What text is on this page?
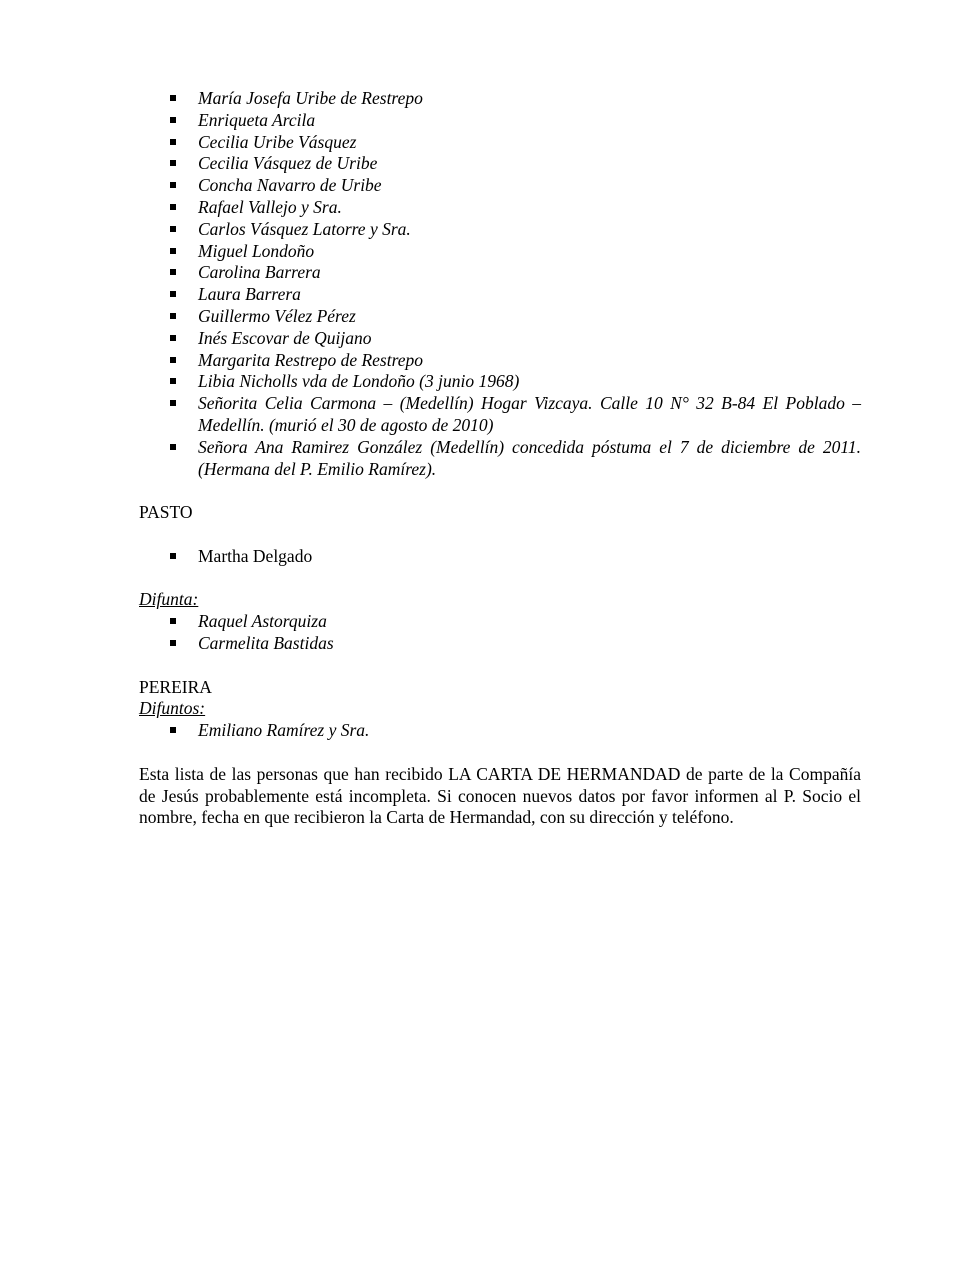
María Josefa Uribe de Restrepo
Enriqueta Arcila
Cecilia Uribe Vásquez
Cecilia Vásquez de Uribe
Concha Navarro de Uribe
Rafael Vallejo y Sra.
Carlos Vásquez Latorre y Sra.
Miguel Londoño
Carolina Barrera
Laura Barrera
Guillermo Vélez Pérez
Inés Escovar de Quijano
Margarita Restrepo de Restrepo
Libia Nicholls vda de Londoño (3 junio 1968)
Señorita Celia Carmona – (Medellín) Hogar Vizcaya. Calle 10 N° 32 B-84 El Poblado – Medellín. (murió el 30 de agosto de 2010)
Señora Ana Ramirez González (Medellín) concedida póstuma el 7 de diciembre de 2011. (Hermana del P. Emilio Ramírez).

PASTO

Martha Delgado
Difunta:
Raquel Astorquiza
Carmelita Bastidas

PEREIRA

Difuntos:
Emiliano Ramírez y Sra.

Esta lista de las personas que han recibido LA CARTA DE HERMANDAD de parte de la Compañía de Jesús probablemente está incompleta. Si conocen nuevos datos por favor informen al P. Socio el nombre, fecha en que recibieron la Carta de Hermandad, con su dirección y teléfono.
